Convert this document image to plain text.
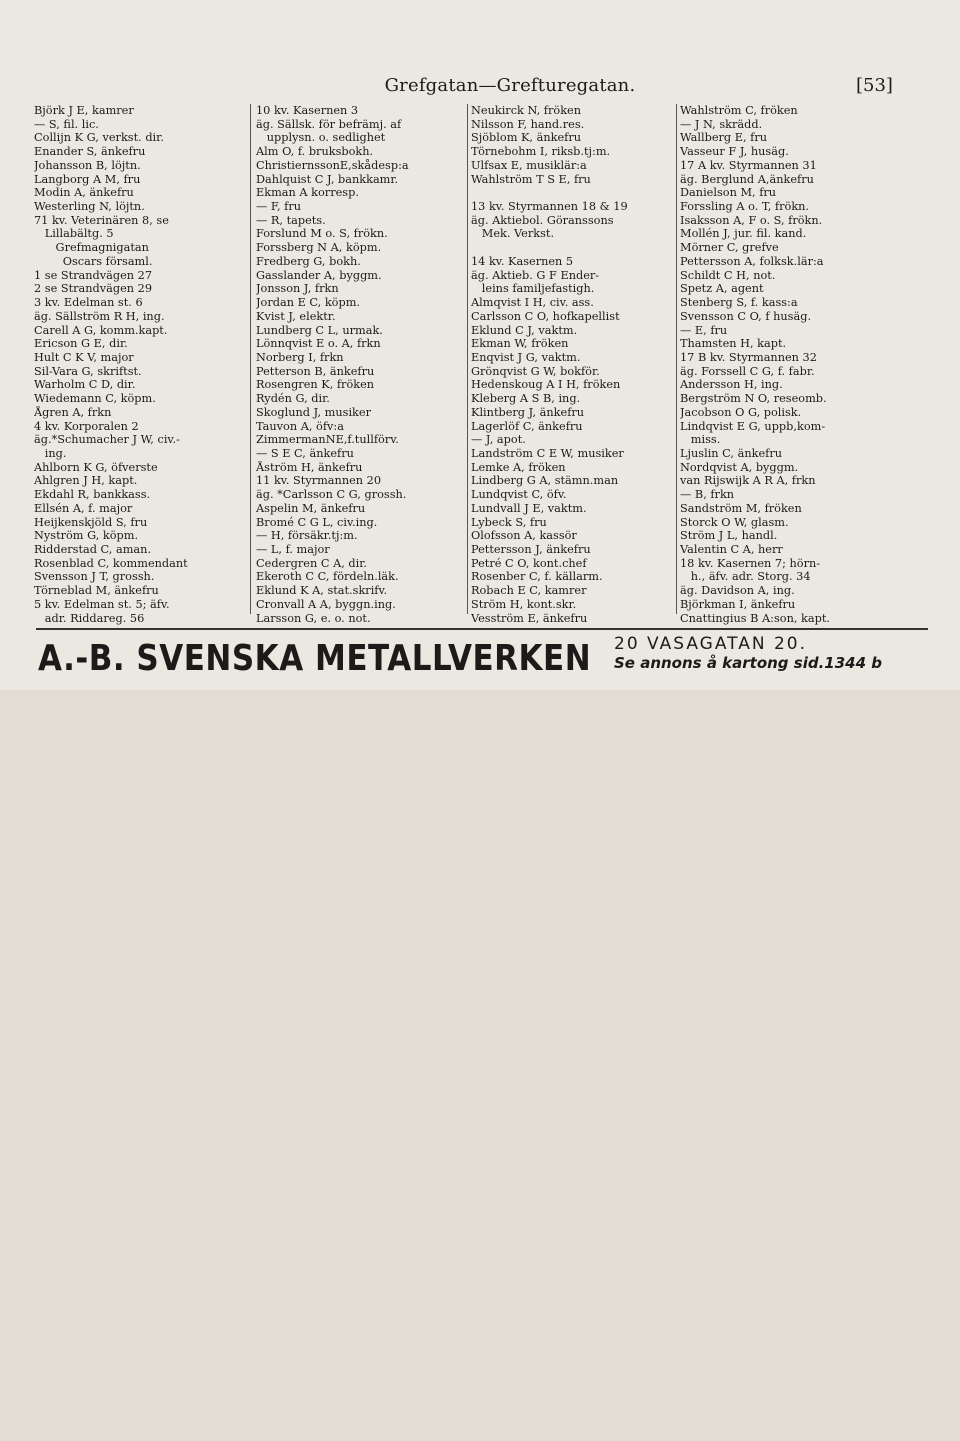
Grefgatan—Grefturegatan.	[53]
Björk J E, kamrer
— S, fil. lic.
Collijn K G, verkst. dir.
Enander S, änkefru
Johansson B, löjtn.
Langborg A M, fru
Modin A, änkefru
Westerling N, löjtn.
71 kv. Veterinären 8, se
Lillabältg. 5
Grefmagnigatan
Oscars församl.
1 se Strandvägen 27
2 se Strandvägen 29
3 kv. Edelman st. 6
äg. Sällström R H, ing.
Carell A G, komm.kapt.
Ericson G E, dir.
Hult C K V, major
Sil-Vara G, skriftst.
Warholm C D, dir.
Wiedemann C, köpm.
Ågren A, frkn
4 kv. Korporalen 2
äg.*Schumacher J W, civ.-
ing.
Ahlborn K G, öfverste
Ahlgren J H, kapt.
Ekdahl R, bankkass.
Ellsén A, f. major
Heijkenskjöld S, fru
Nyström G, köpm.
Ridderstad C, aman.
Rosenblad C, kommendant
Svensson J T, grossh.
Törneblad M, änkefru
5 kv. Edelman st. 5; äfv.
adr. Riddareg. 56
10 kv. Kasernen 3
äg. Sällsk. för befrämj. af
upplysn. o. sedlighet
Alm O, f. bruksbokh.
ChristiernssonE,skådesp:a
Dahlquist C J, bankkamr.
Ekman A korresp.
— F, fru
— R, tapets.
Forslund M o. S, frökn.
Forssberg N A, köpm.
Fredberg G, bokh.
Gasslander A, byggm.
Jonsson J, frkn
Jordan E C, köpm.
Kvist J, elektr.
Lundberg C L, urmak.
Lönnqvist E o. A, frkn
Norberg I, frkn
Petterson B, änkefru
Rosengren K, fröken
Rydén G, dir.
Skoglund J, musiker
Tauvon A, öfv:a
ZimmermanNE,f.tullförv.
— S E C, änkefru
Åström H, änkefru
11 kv. Styrmannen 20
äg. *Carlsson C G, grossh.
Aspelin M, änkefru
Bromé C G L, civ.ing.
— H, försäkr.tj:m.
— L, f. major
Cedergren C A, dir.
Ekeroth C C, fördeln.läk.
Eklund K A, stat.skrifv.
Cronvall A A, byggn.ing.
Larsson G, e. o. not.
Neukirck N, fröken
Nilsson F, hand.res.
Sjöblom K, änkefru
Törnebohm I, riksb.tj:m.
Ulfsax E, musiklär:a
Wahlström T S E, fru
13 kv. Styrmannen 18 & 19
äg. Aktiebol. Göranssons
Mek. Verkst.
14 kv. Kasernen 5
äg. Aktieb. G F Ender-
leins familjefastigh.
Almqvist I H, civ. ass.
Carlsson C O, hofkapellist
Eklund C J, vaktm.
Ekman W, fröken
Enqvist J G, vaktm.
Grönqvist G W, bokför.
Hedenskoug A I H, fröken
Kleberg A S B, ing.
Klintberg J, änkefru
Lagerlöf C, änkefru
— J, apot.
Landström C E W, musiker
Lemke A, fröken
Lindberg G A, stämn.man
Lundqvist C, öfv.
Lundvall J E, vaktm.
Lybeck S, fru
Olofsson A, kassör
Pettersson J, änkefru
Petré C O, kont.chef
Rosenber C, f. källarm.
Robach E C, kamrer
Ström H, kont.skr.
Vesström E, änkefru
Wahlström C, fröken
— J N, skrädd.
Wallberg E, fru
Vasseur F J, husäg.
17 A kv. Styrmannen 31
äg. Berglund A,änkefru
Danielson M, fru
Forssling A o. T, frökn.
Isaksson A, F o. S, frökn.
Mollén J, jur. fil. kand.
Mörner C, grefve
Pettersson A, folksk.lär:a
Schildt C H, not.
Spetz A, agent
Stenberg S, f. kass:a
Svensson C O, f husäg.
— E, fru
Thamsten H, kapt.
17 B kv. Styrmannen 32
äg. Forssell C G, f. fabr.
Andersson H, ing.
Bergström N O, reseomb.
Jacobson O G, polisk.
Lindqvist E G, uppb,kom-
miss.
Ljuslin C, änkefru
Nordqvist A, byggm.
van Rijswijk A R A, frkn
— B, frkn
Sandström M, fröken
Storck O W, glasm.
Ström J L, handl.
Valentin C A, herr
18 kv. Kasernen 7; hörn-
h., äfv. adr. Storg. 34
äg. Davidson A, ing.
Björkman I, änkefru
Cnattingius B A:son, kapt.
A.-B. SVENSKA METALLVERKEN 20 VASAGATAN 20.
Se annons å kartong sid.1344 b
